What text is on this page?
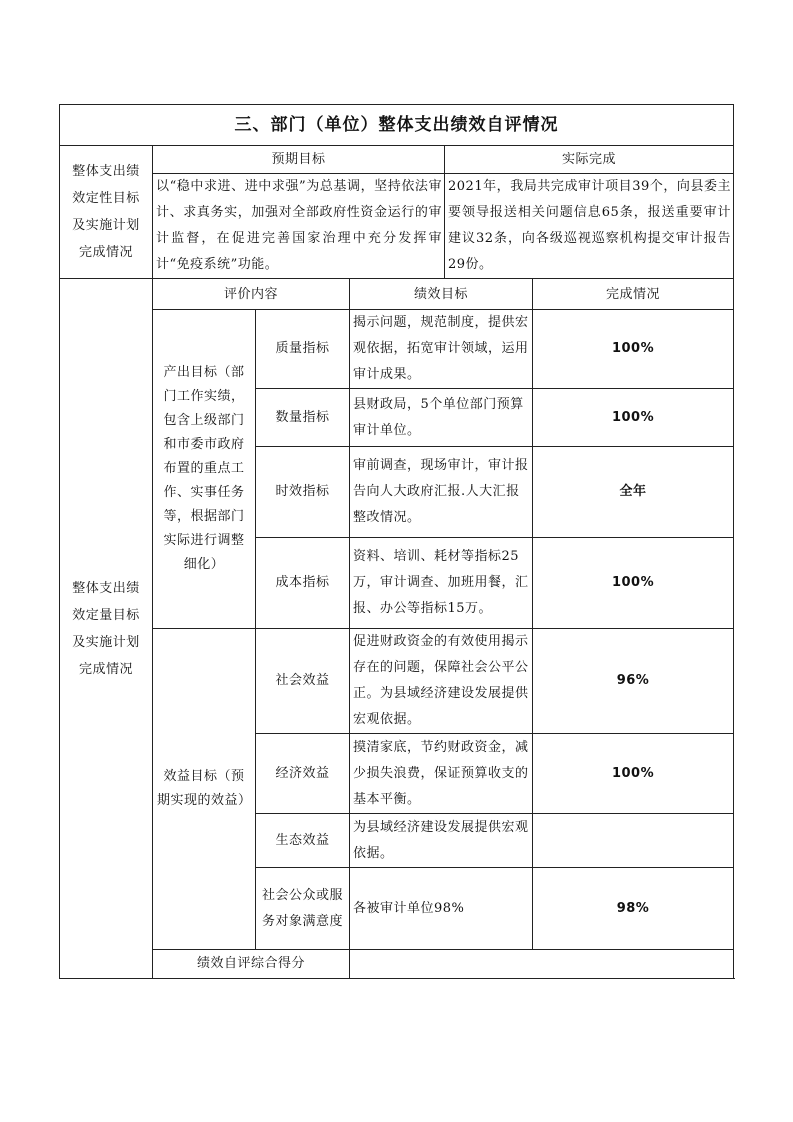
三、部门（单位）整体支出绩效自评情况					
整体支出绩效定性目标及实施计划完成情况	预期目标			实际完成	
	以“稳中求进、进中求强”为总基调，坚持依法审计、求真务实，加强对全部政府性资金运行的审计监督，在促进完善国家治理中充分发挥审计“免疫系统”功能。			2021年，我局共完成审计项目39个，向县委主要领导报送相关问题信息65条，报送重要审计建议32条，向各级巡视巡察机构提交审计报告29份。	
整体支出绩效定量目标及实施计划完成情况	评价内容		绩效目标		完成情况
	产出目标（部门工作实绩，包含上级部门和市委市政府布置的重点工作、实事任务等，根据部门实际进行调整细化）	质量指标	揭示问题，规范制度，提供宏观依据，拓宽审计领域，运用审计成果。		100%
		数量指标	县财政局，5个单位部门预算审计单位。		100%
		时效指标	审前调查，现场审计，审计报告向人大政府汇报.人大汇报整改情况。		全年
		成本指标	资料、培训、耗材等指标25万，审计调查、加班用餐，汇报、办公等指标15万。		100%
	效益目标（预期实现的效益）	社会效益	促进财政资金的有效使用揭示存在的问题，保障社会公平公正。为县域经济建设发展提供宏观依据。		96%
		经济效益	摸清家底，节约财政资金，减少损失浪费，保证预算收支的基本平衡。		100%
		生态效益	为县域经济建设发展提供宏观依据。		
		社会公众或服务对象满意度	各被审计单位98%		98%
	绩效自评综合得分				
